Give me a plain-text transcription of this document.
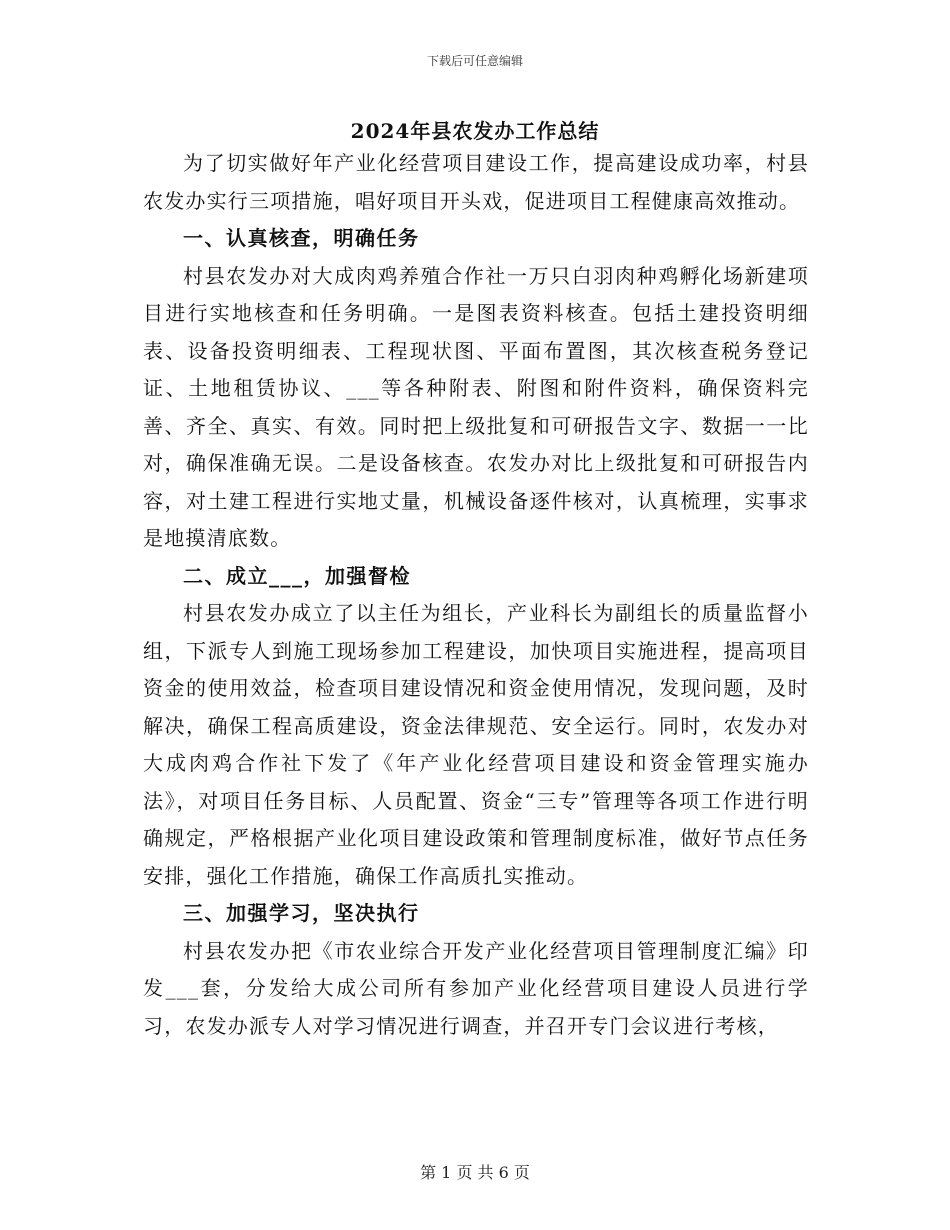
下载后可任意编辑
2024年县农发办工作总结

为了切实做好年产业化经营项目建设工作，提高建设成功率，村县农发办实行三项措施，唱好项目开头戏，促进项目工程健康高效推动。

一、认真核查，明确任务

村县农发办对大成肉鸡养殖合作社一万只白羽肉种鸡孵化场新建项目进行实地核查和任务明确。一是图表资料核查。包括土建投资明细表、设备投资明细表、工程现状图、平面布置图，其次核查税务登记证、土地租赁协议、___等各种附表、附图和附件资料，确保资料完善、齐全、真实、有效。同时把上级批复和可研报告文字、数据一一比对，确保准确无误。二是设备核查。农发办对比上级批复和可研报告内容，对土建工程进行实地丈量，机械设备逐件核对，认真梳理，实事求是地摸清底数。

二、成立___，加强督检

村县农发办成立了以主任为组长，产业科长为副组长的质量监督小组，下派专人到施工现场参加工程建设，加快项目实施进程，提高项目资金的使用效益，检查项目建设情况和资金使用情况，发现问题，及时解决，确保工程高质建设，资金法律规范、安全运行。同时，农发办对大成肉鸡合作社下发了《年产业化经营项目建设和资金管理实施办法》，对项目任务目标、人员配置、资金“三专”管理等各项工作进行明确规定，严格根据产业化项目建设政策和管理制度标准，做好节点任务安排，强化工作措施，确保工作高质扎实推动。

三、加强学习，坚决执行

村县农发办把《市农业综合开发产业化经营项目管理制度汇编》印发___套，分发给大成公司所有参加产业化经营项目建设人员进行学习，农发办派专人对学习情况进行调查，并召开专门会议进行考核，

第 1 页 共 6 页
